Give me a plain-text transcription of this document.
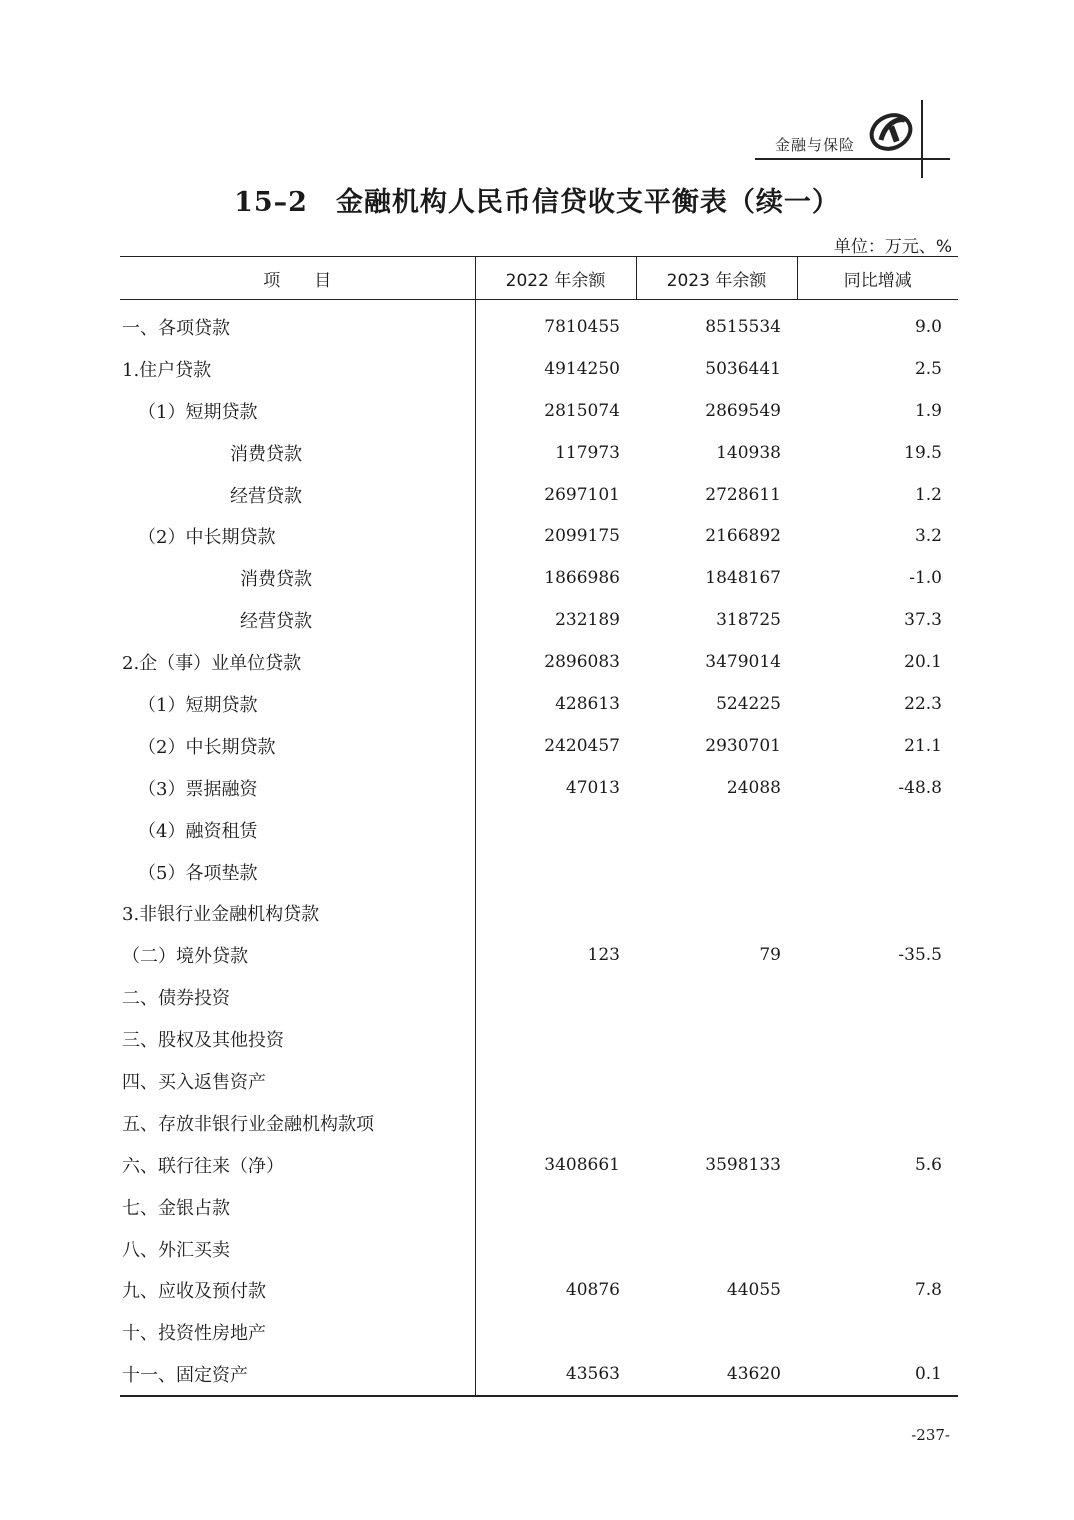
金融与保险
15–2 金融机构人民币信贷收支平衡表（续一）
单位：万元、%
项　　目	2022 年余额	2023 年余额	同比增减
一、各项贷款	7810455	8515534	9.0
1.住户贷款	4914250	5036441	2.5
（1）短期贷款	2815074	2869549	1.9
消费贷款	117973	140938	19.5
经营贷款	2697101	2728611	1.2
（2）中长期贷款	2099175	2166892	3.2
消费贷款	1866986	1848167	-1.0
经营贷款	232189	318725	37.3
2.企（事）业单位贷款	2896083	3479014	20.1
（1）短期贷款	428613	524225	22.3
（2）中长期贷款	2420457	2930701	21.1
（3）票据融资	47013	24088	-48.8
（4）融资租赁			
（5）各项垫款			
3.非银行业金融机构贷款			
（二）境外贷款	123	79	-35.5
二、债券投资			
三、股权及其他投资			
四、买入返售资产			
五、存放非银行业金融机构款项			
六、联行往来（净）	3408661	3598133	5.6
七、金银占款			
八、外汇买卖			
九、应收及预付款	40876	44055	7.8
十、投资性房地产			
十一、固定资产	43563	43620	0.1
-237-
